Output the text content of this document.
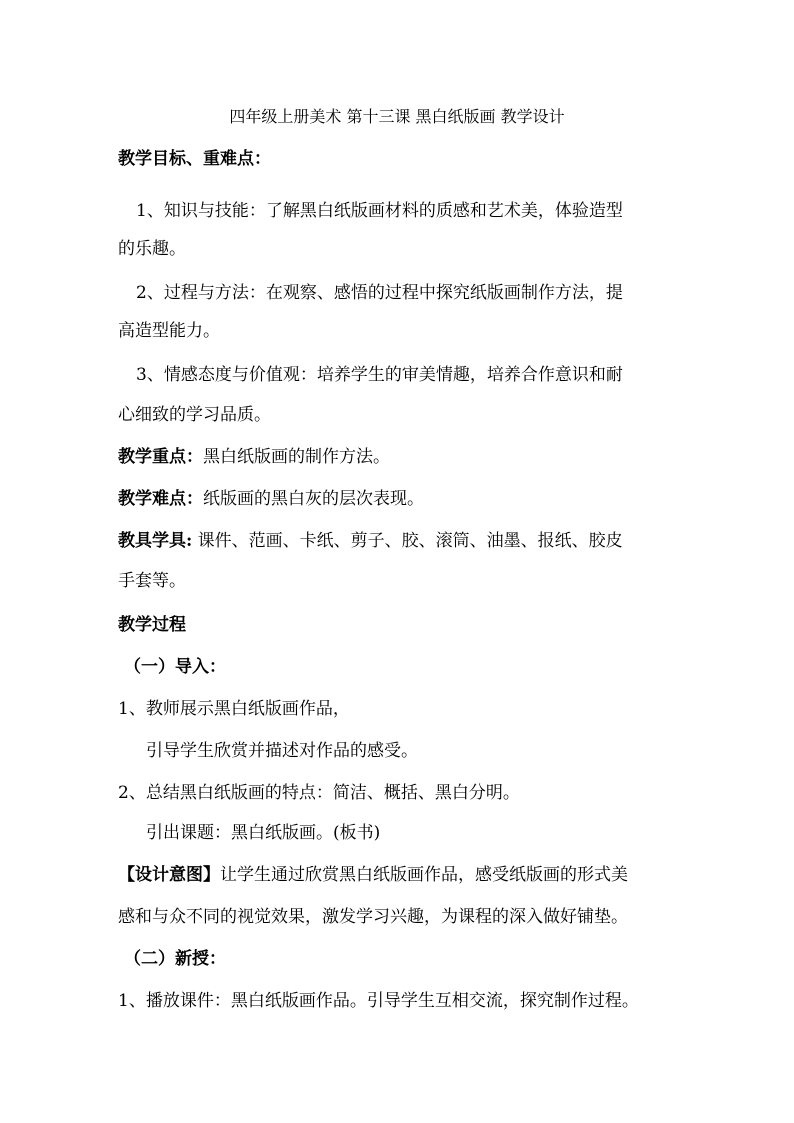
四年级上册美术 第十三课 黑白纸版画 教学设计
教学目标、重难点：
1、知识与技能：了解黑白纸版画材料的质感和艺术美，体验造型
的乐趣。
2、过程与方法：在观察、感悟的过程中探究纸版画制作方法，提
高造型能力。
3、情感态度与价值观：培养学生的审美情趣，培养合作意识和耐
心细致的学习品质。
教学重点：黑白纸版画的制作方法。
教学难点：纸版画的黑白灰的层次表现。
教具学具: 课件、范画、卡纸、剪子、胶、滚筒、油墨、报纸、胶皮
手套等。
教学过程
（一）导入：
1、教师展示黑白纸版画作品，
引导学生欣赏并描述对作品的感受。
2、总结黑白纸版画的特点：简洁、概括、黑白分明。
引出课题：黑白纸版画。(板书)
【设计意图】让学生通过欣赏黑白纸版画作品，感受纸版画的形式美
感和与众不同的视觉效果，激发学习兴趣，为课程的深入做好铺垫。
（二）新授：
1、播放课件：黑白纸版画作品。引导学生互相交流，探究制作过程。
